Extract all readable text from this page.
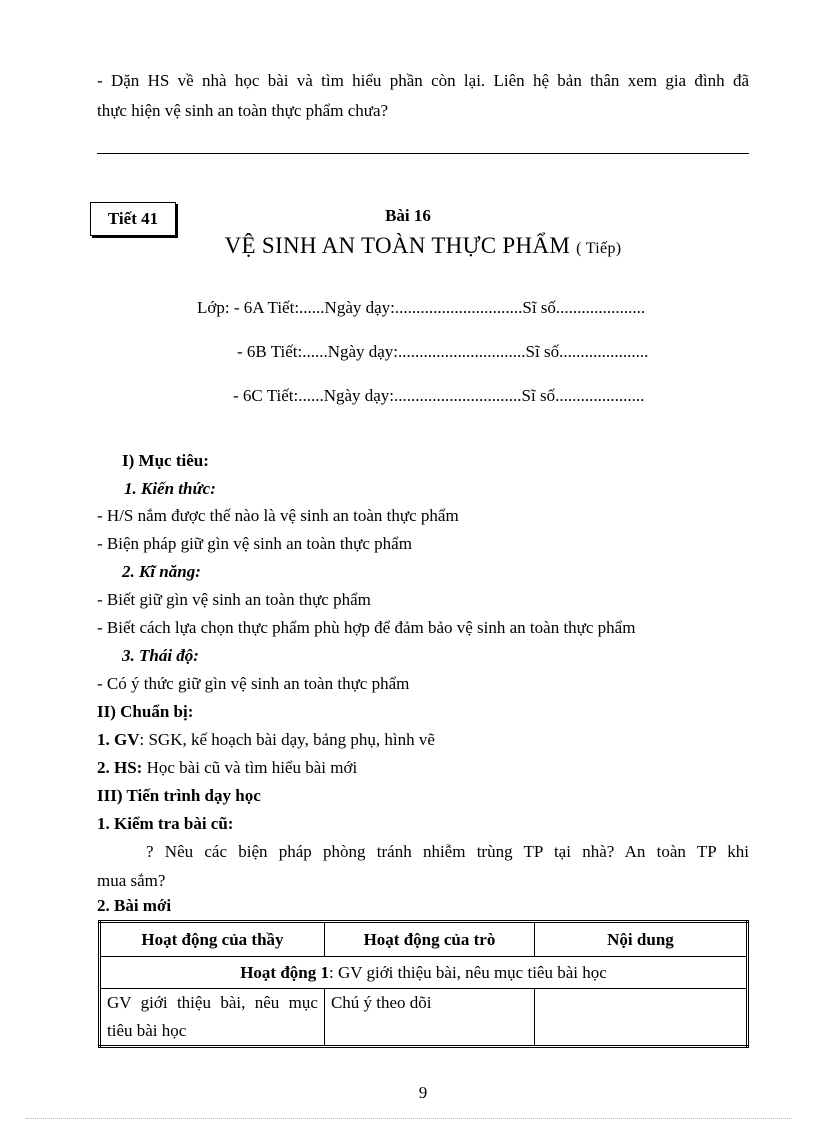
- Dặn HS về nhà học bài và tìm hiểu phần còn lại. Liên hệ bản thân xem gia đình đã
thực hiện vệ sinh an toàn thực phẩm chưa?
Tiết 41	Bài 16
VỆ SINH AN TOÀN THỰC PHẨM ( Tiếp)
Lớp: - 6A Tiết:......Ngày dạy:..............................Sĩ số.....................
- 6B Tiết:......Ngày dạy:..............................Sĩ số.....................
- 6C Tiết:......Ngày dạy:..............................Sĩ số.....................
I) Mục tiêu:
1. Kiến thức:
- H/S nắm được thế nào là vệ sinh an toàn thực phẩm
- Biện pháp giữ gìn vệ sinh an toàn thực phẩm
2. Kĩ năng:
- Biết giữ gìn vệ sinh an toàn thực phẩm
- Biết cách lựa chọn thực phẩm phù hợp để đảm bảo vệ sinh an toàn thực phẩm
3. Thái độ:
- Có ý thức giữ gìn vệ sinh an toàn thực phẩm
II) Chuẩn bị:
1. GV: SGK, kế hoạch bài dạy, bảng phụ, hình vẽ
2. HS: Học bài cũ và tìm hiểu bài mới
III) Tiến trình dạy học
1. Kiểm tra bài cũ:
? Nêu các biện pháp phòng tránh nhiễm trùng TP tại nhà? An toàn TP khi
mua sắm?
2. Bài mới
Hoạt động của thầy	Hoạt động của trò	Nội dung
Hoạt động 1: GV giới thiệu bài, nêu mục tiêu bài học		

GV giới thiệu bài, nêu mục
tiêu bài học	Chú ý theo dõi	
9
